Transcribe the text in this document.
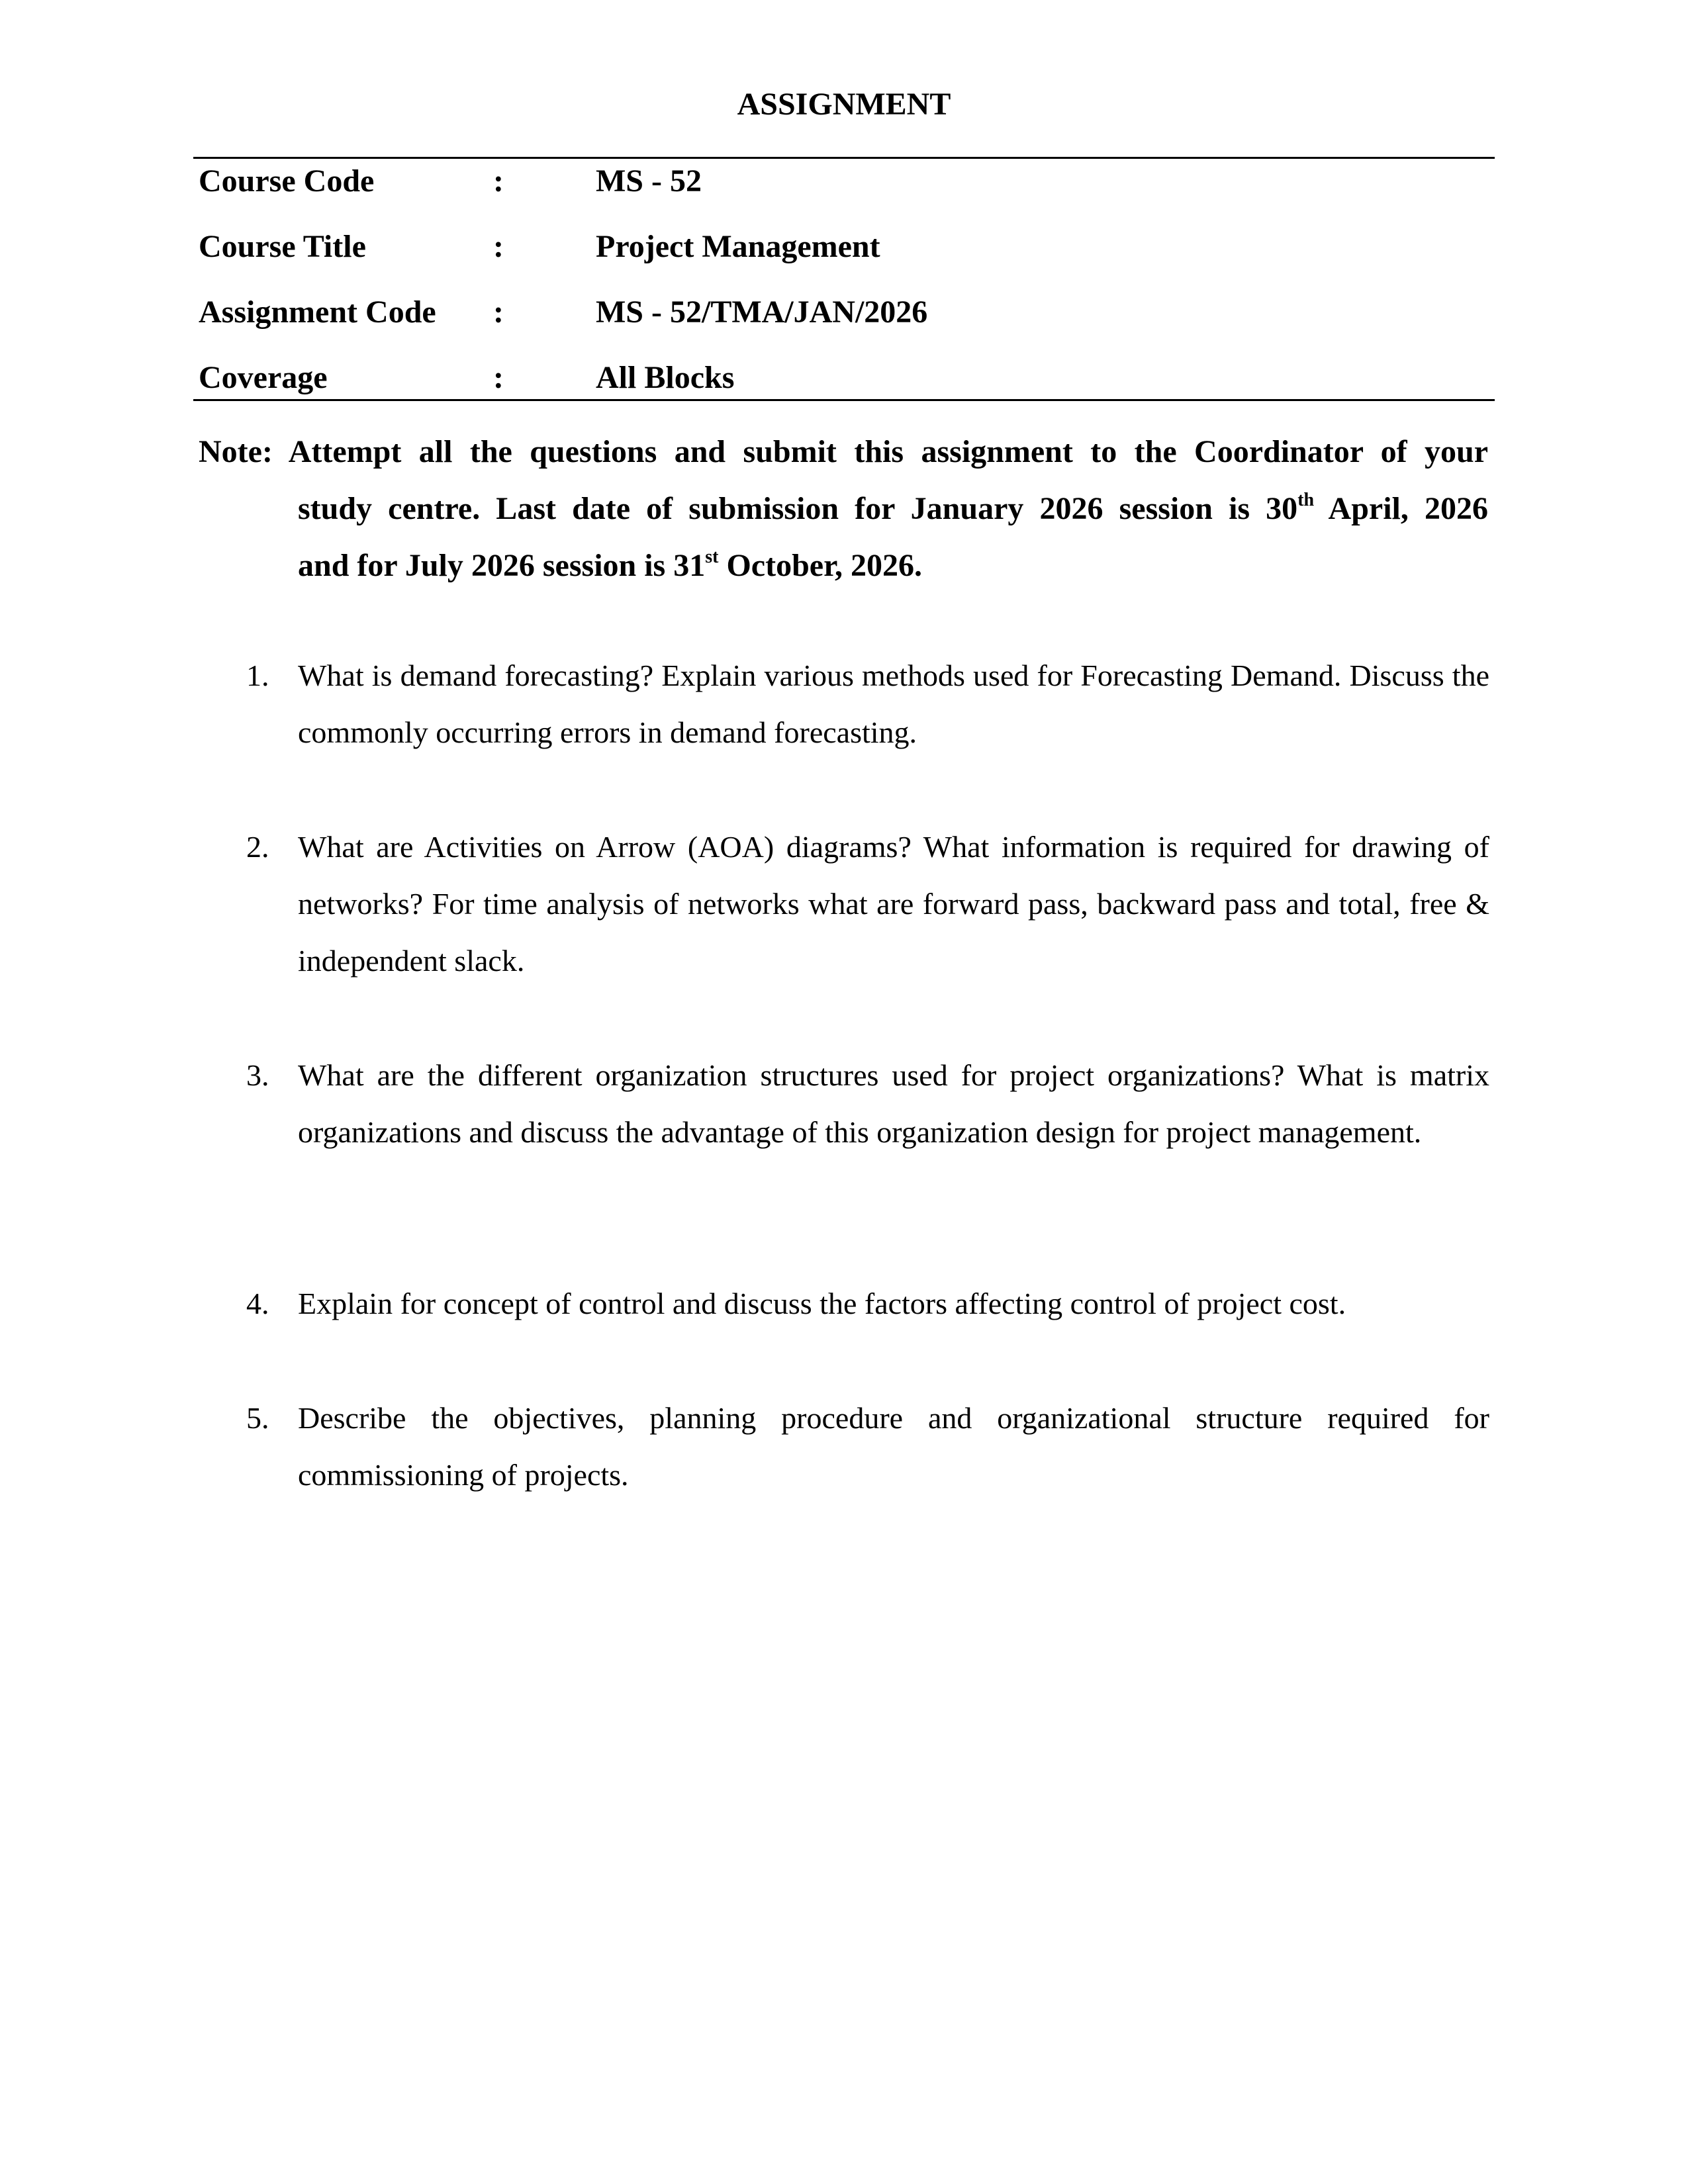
ASSIGNMENT
Course Code	:	MS - 52
Course Title	:	Project Management
Assignment Code :	MS - 52/TMA/JAN/2026
Coverage	:	All Blocks
Note: Attempt all the questions and submit this assignment to the Coordinator of your
study centre. Last date of submission for January 2026 session is 30th April, 2026
and for July 2026 session is 31st October, 2026.
1. What is demand forecasting? Explain various methods used for Forecasting Demand. Discuss the commonly occurring errors in demand forecasting.
2. What are Activities on Arrow (AOA) diagrams? What information is required for drawing of networks? For time analysis of networks what are forward pass, backward pass and total, free & independent slack.
3. What are the different organization structures used for project organizations? What is matrix organizations and discuss the advantage of this organization design for project management.
4. Explain for concept of control and discuss the factors affecting control of project cost.
5. Describe the objectives, planning procedure and organizational structure required for commissioning of projects.
